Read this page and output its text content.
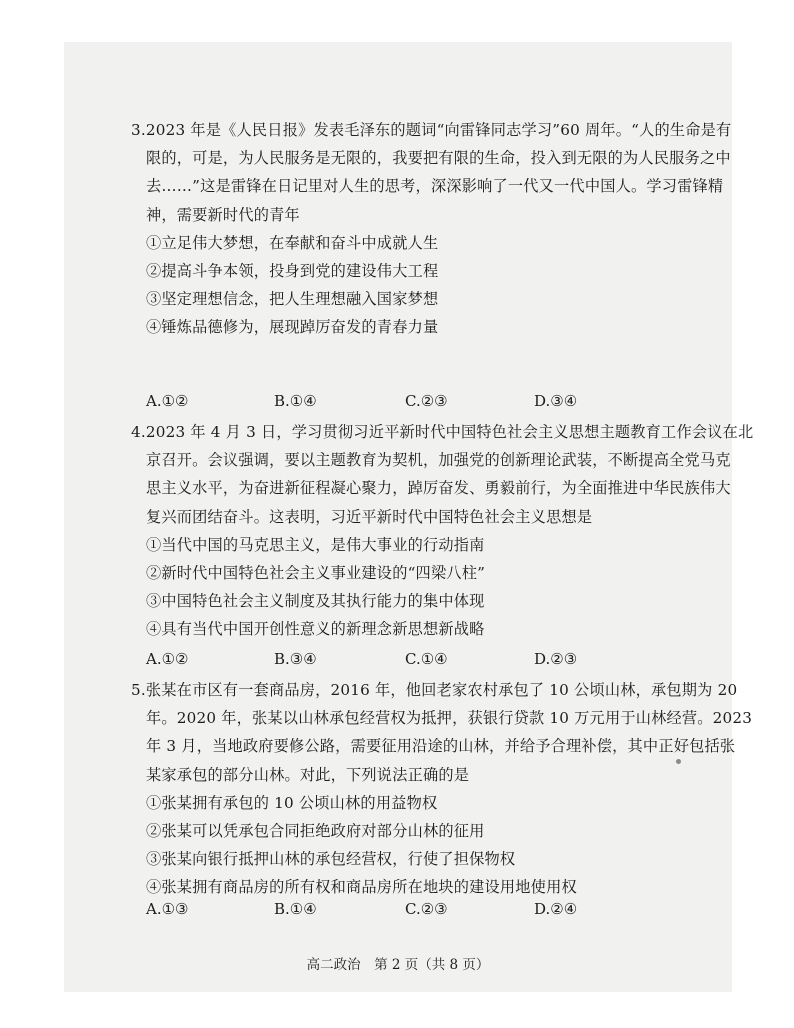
3.2023 年是《人民日报》发表毛泽东的题词“向雷锋同志学习”60 周年。“人的生命是有
限的，可是，为人民服务是无限的，我要把有限的生命，投入到无限的为人民服务之中
去……”这是雷锋在日记里对人生的思考，深深影响了一代又一代中国人。学习雷锋精
神，需要新时代的青年
①立足伟大梦想，在奉献和奋斗中成就人生
②提高斗争本领，投身到党的建设伟大工程
③坚定理想信念，把人生理想融入国家梦想
④锤炼品德修为，展现踔厉奋发的青春力量
A.①②	B.①④	C.②③	D.③④
4.2023 年 4 月 3 日，学习贯彻习近平新时代中国特色社会主义思想主题教育工作会议在北
京召开。会议强调，要以主题教育为契机，加强党的创新理论武装，不断提高全党马克
思主义水平，为奋进新征程凝心聚力，踔厉奋发、勇毅前行，为全面推进中华民族伟大
复兴而团结奋斗。这表明，习近平新时代中国特色社会主义思想是
①当代中国的马克思主义，是伟大事业的行动指南
②新时代中国特色社会主义事业建设的“四梁八柱”
③中国特色社会主义制度及其执行能力的集中体现
④具有当代中国开创性意义的新理念新思想新战略
A.①②	B.③④	C.①④	D.②③
5.张某在市区有一套商品房，2016 年，他回老家农村承包了 10 公顷山林，承包期为 20
年。2020 年，张某以山林承包经营权为抵押，获银行贷款 10 万元用于山林经营。2023
年 3 月，当地政府要修公路，需要征用沿途的山林，并给予合理补偿，其中正好包括张
某家承包的部分山林。对此，下列说法正确的是
①张某拥有承包的 10 公顷山林的用益物权
②张某可以凭承包合同拒绝政府对部分山林的征用
③张某向银行抵押山林的承包经营权，行使了担保物权
④张某拥有商品房的所有权和商品房所在地块的建设用地使用权
A.①③	B.①④	C.②③	D.②④
高二政治　第 2 页（共 8 页）
